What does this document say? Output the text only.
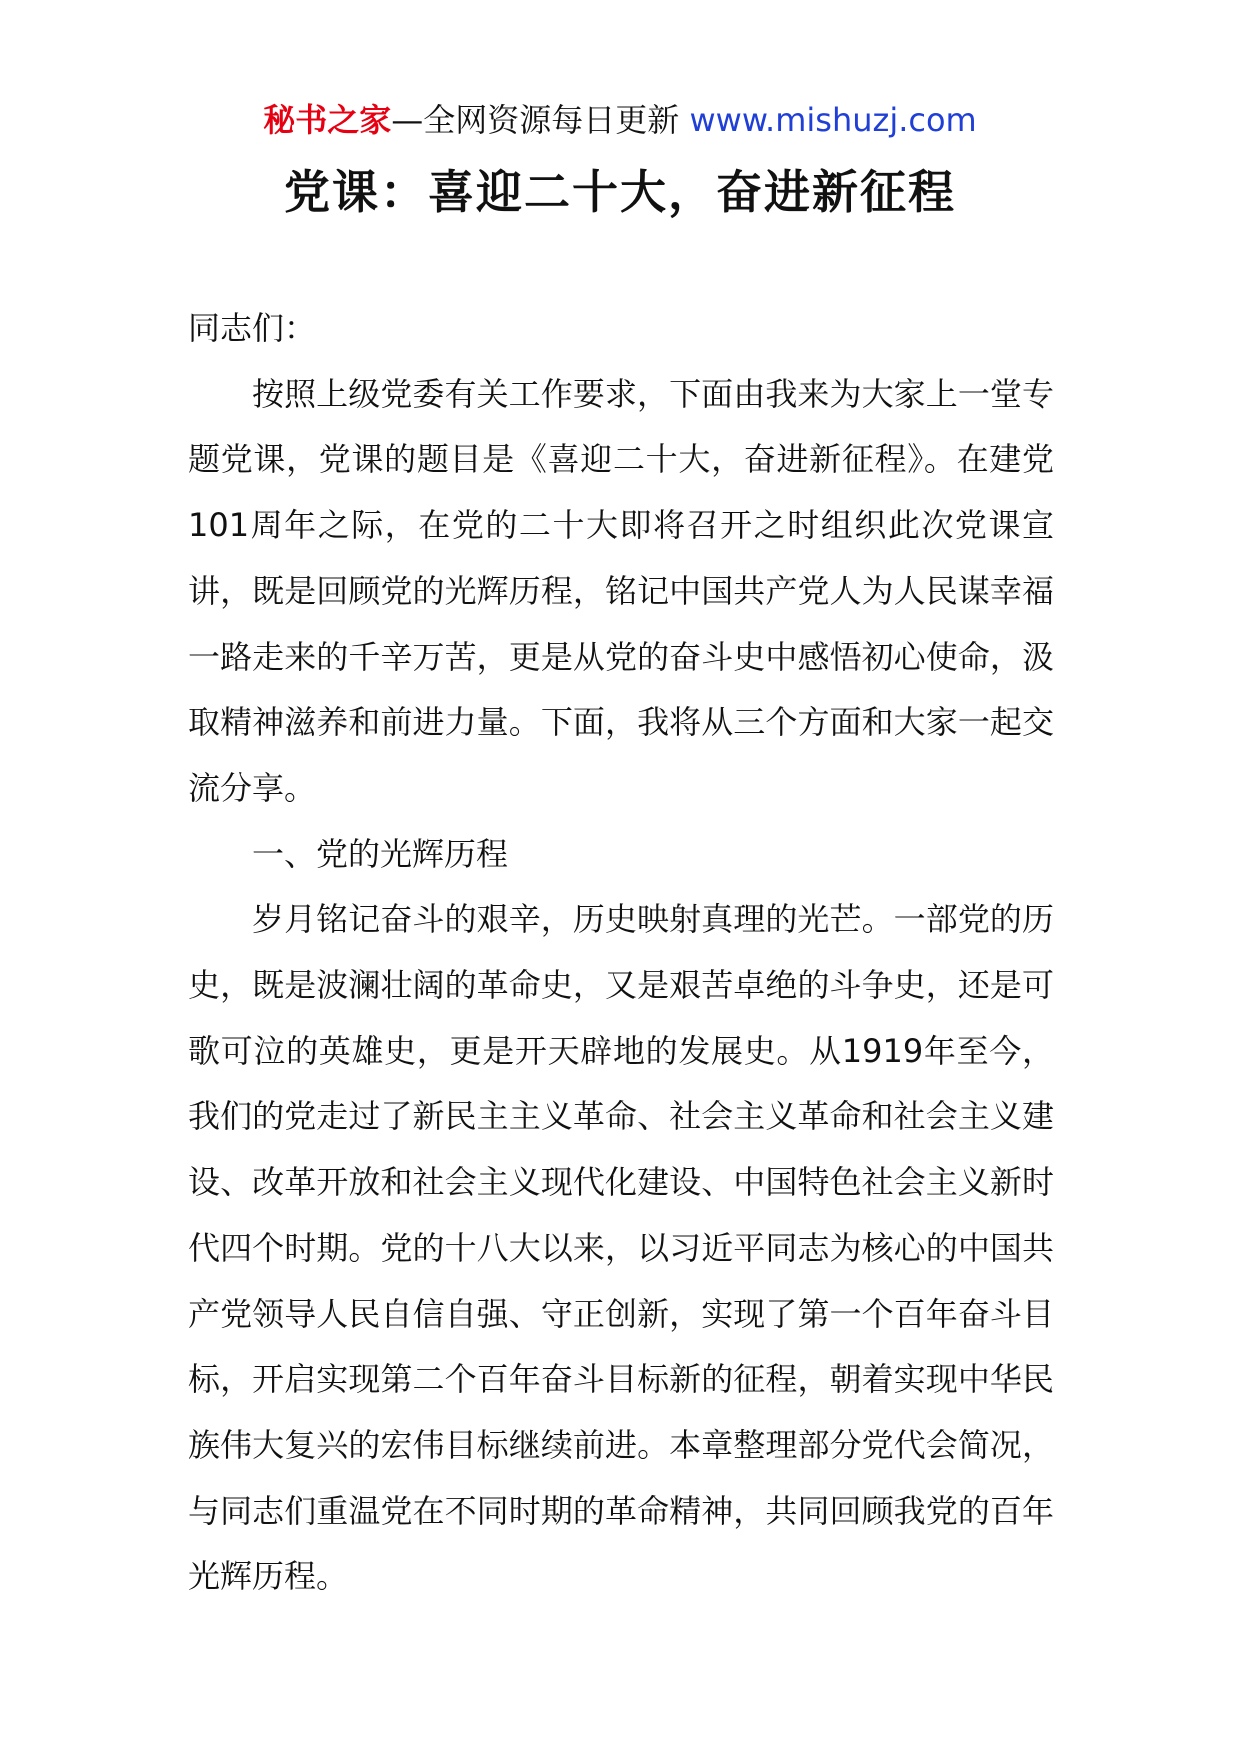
秘书之家—全网资源每日更新 www.mishuzj.com
党课：喜迎二十大，奋进新征程

同志们：

按照上级党委有关工作要求，下面由我来为大家上一堂专题党课，党课的题目是《喜迎二十大，奋进新征程》。在建党101周年之际，在党的二十大即将召开之时组织此次党课宣讲，既是回顾党的光辉历程，铭记中国共产党人为人民谋幸福一路走来的千辛万苦，更是从党的奋斗史中感悟初心使命，汲取精神滋养和前进力量。下面，我将从三个方面和大家一起交流分享。

一、党的光辉历程

岁月铭记奋斗的艰辛，历史映射真理的光芒。一部党的历史，既是波澜壮阔的革命史，又是艰苦卓绝的斗争史，还是可歌可泣的英雄史，更是开天辟地的发展史。从1919年至今，我们的党走过了新民主主义革命、社会主义革命和社会主义建设、改革开放和社会主义现代化建设、中国特色社会主义新时代四个时期。党的十八大以来，以习近平同志为核心的中国共产党领导人民自信自强、守正创新，实现了第一个百年奋斗目标，开启实现第二个百年奋斗目标新的征程，朝着实现中华民族伟大复兴的宏伟目标继续前进。本章整理部分党代会简况，与同志们重温党在不同时期的革命精神，共同回顾我党的百年光辉历程。
